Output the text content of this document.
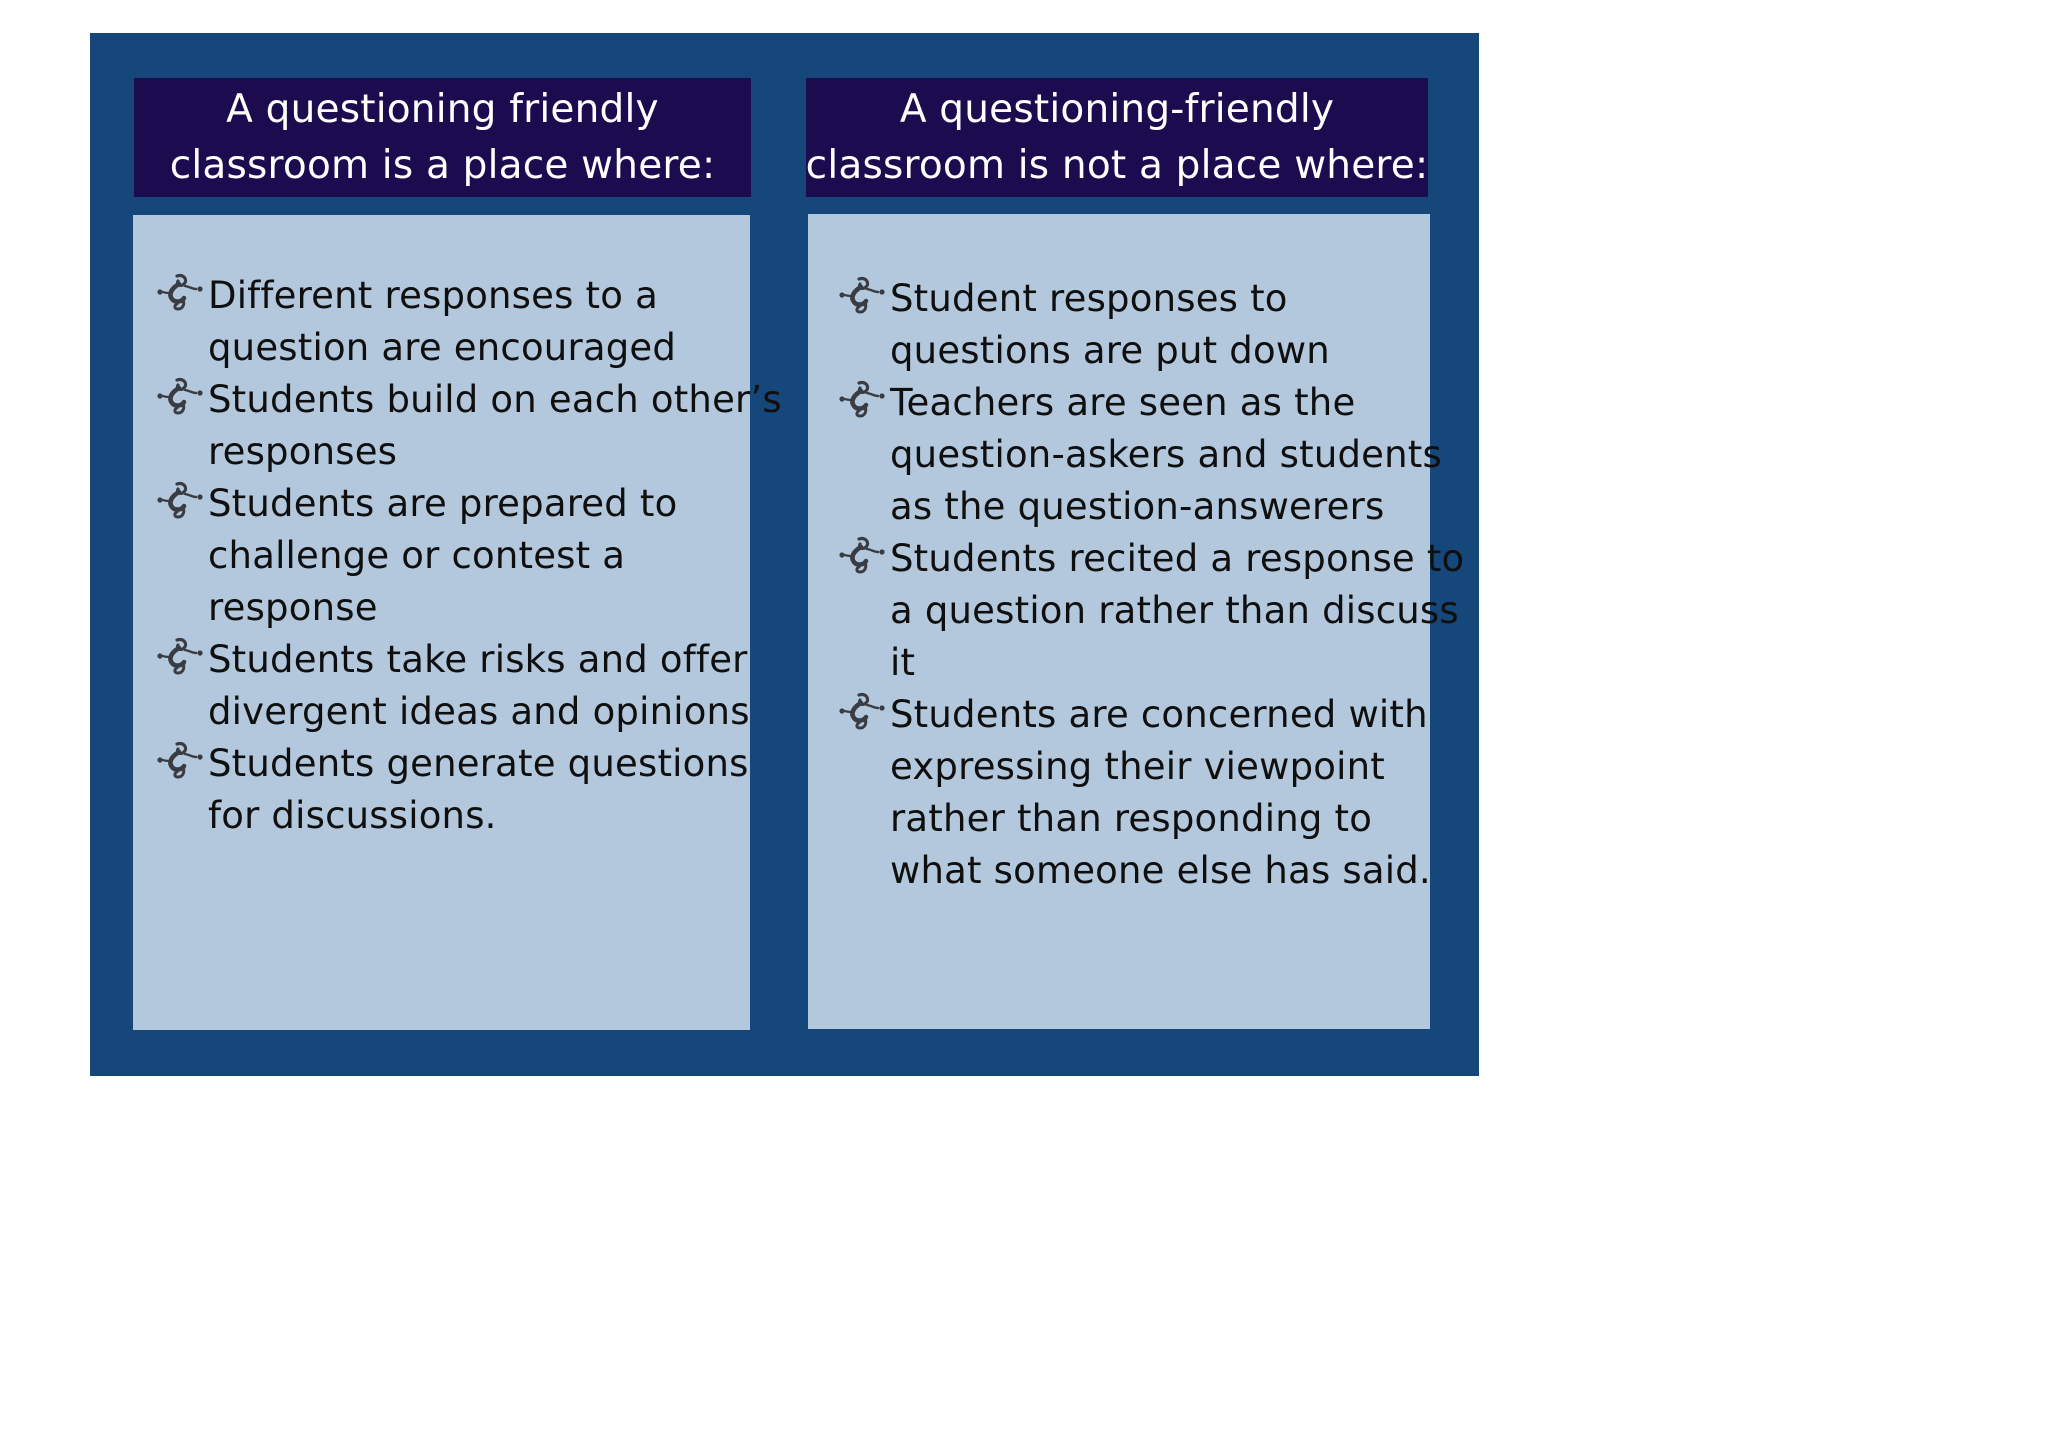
A questioning friendly
classroom is a place where:
Different responses to a
question are encouraged
Students build on each other’s
responses
Students are prepared to
challenge or contest a
response
Students take risks and offer
divergent ideas and opinions
Students generate questions
for discussions.
A questioning-friendly
classroom is not a place where:
Student responses to
questions are put down
Teachers are seen as the
question-askers and students
as the question-answerers
Students recited a response to
a question rather than discuss
it
Students are concerned with
expressing their viewpoint
rather than responding to
what someone else has said.
